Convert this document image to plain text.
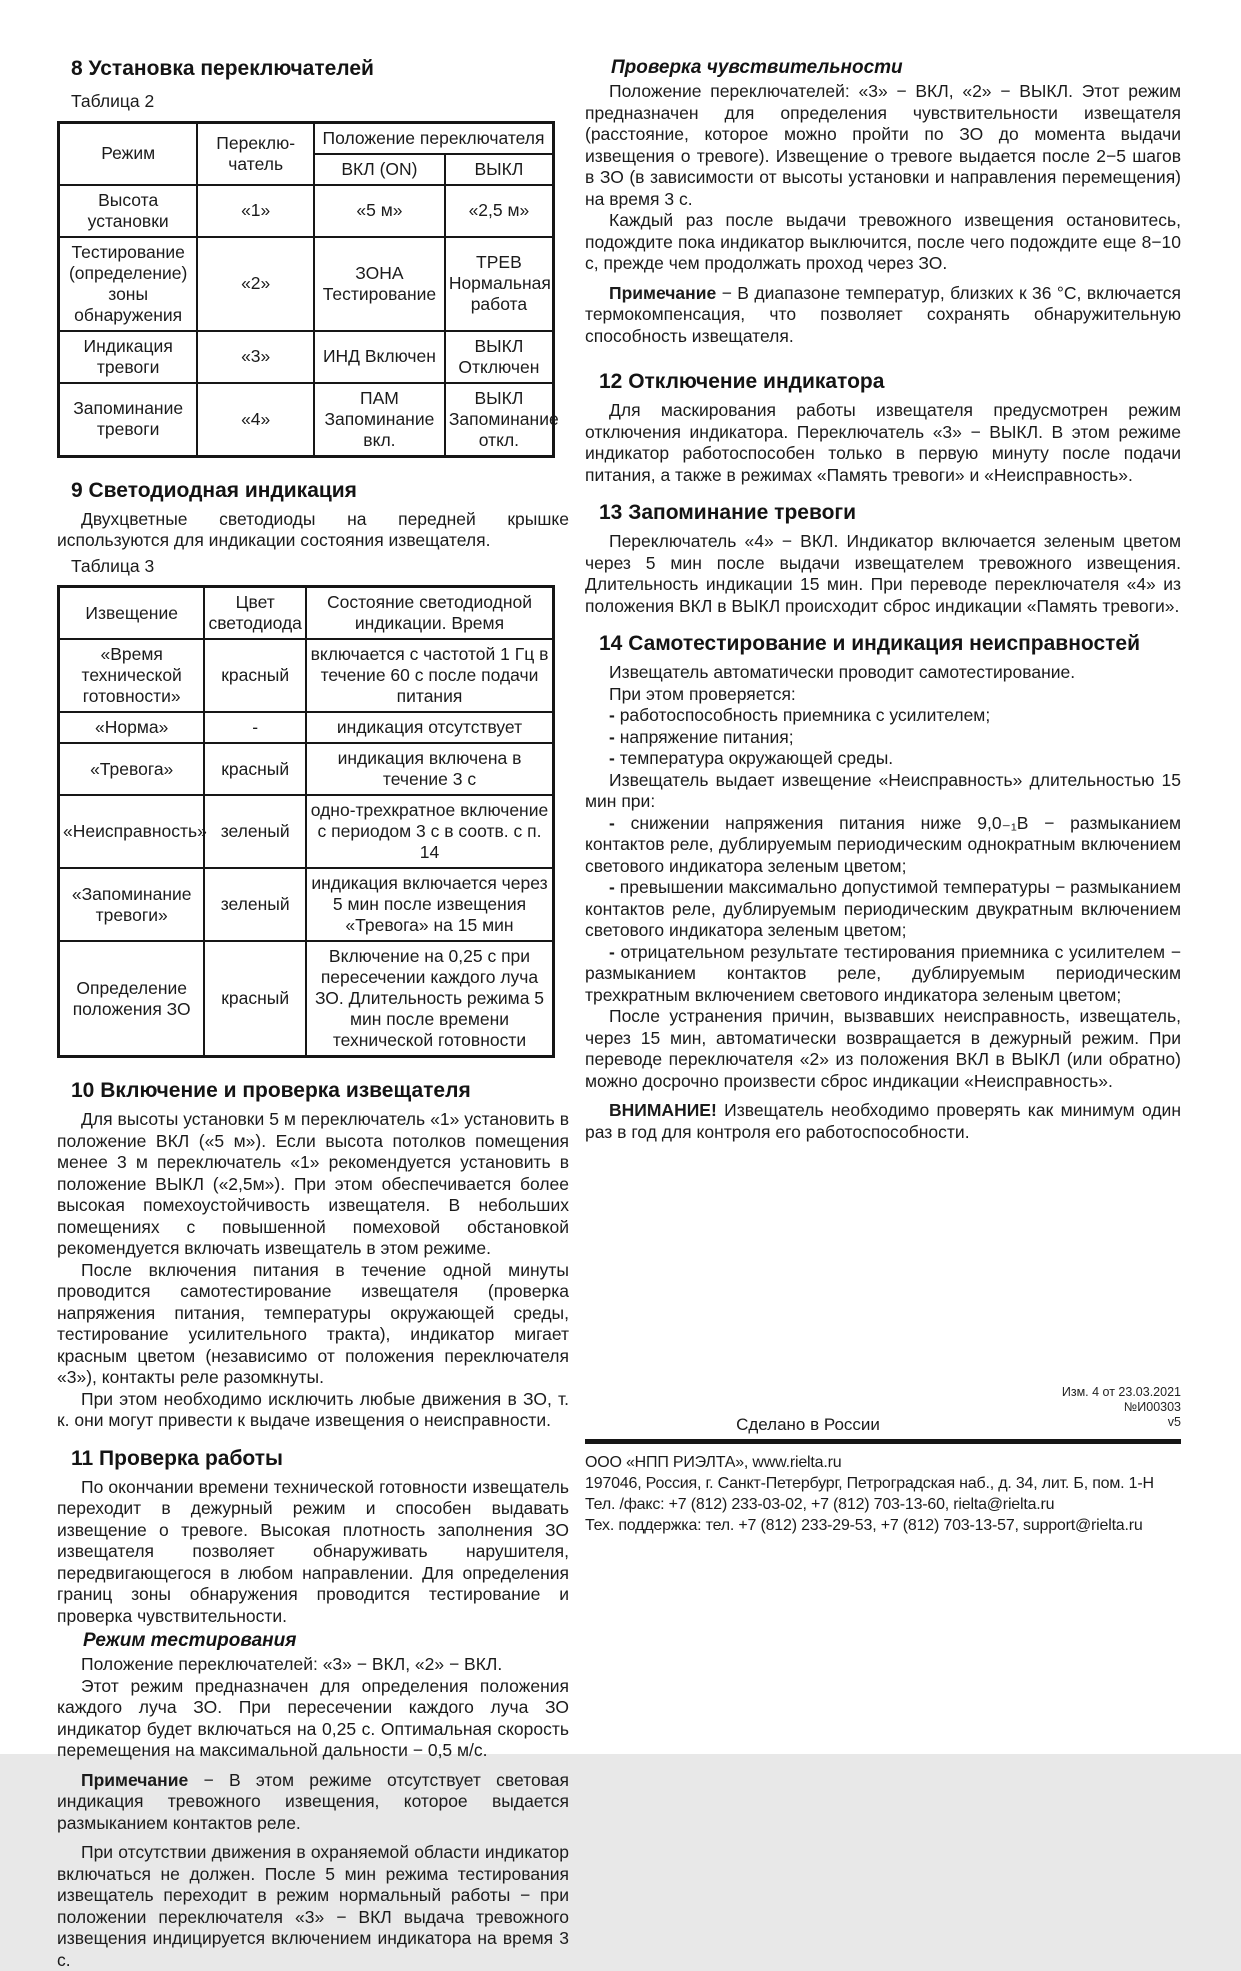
8 Установка переключателей
Таблица 2
Режим	Переклю-чатель	Положение переключателя	
		ВКЛ (ON)	ВЫКЛ
Высота установки	«1»	«5 м»	«2,5 м»
Тестирование (определение) зоны обнаружения	«2»	ЗОНА Тестирование	ТРЕВ Нормальная работа
Индикация тревоги	«3»	ИНД Включен	ВЫКЛ Отключен
Запоминание тревоги	«4»	ПАМ Запоминание вкл.	ВЫКЛ Запоминание откл.
9 Светодиодная индикация

Двухцветные светодиоды на передней крышке используются для индикации состояния извещателя.

Таблица 3
Извещение	Цвет светодиода	Состояние светодиодной индикации. Время
«Время технической готовности»	красный	включается с частотой 1 Гц в течение 60 с после подачи питания
«Норма»	-	индикация отсутствует
«Тревога»	красный	индикация включена в течение 3 с
«Неисправность»	зеленый	одно-трехкратное включение с периодом 3 с в соотв. с п. 14
«Запоминание тревоги»	зеленый	индикация включается через 5 мин после извещения «Тревога» на 15 мин
Определение положения ЗО	красный	Включение на 0,25 с при пересечении каждого луча ЗО. Длительность режима 5 мин после времени технической готовности
10 Включение и проверка извещателя

Для высоты установки 5 м переключатель «1» установить в положение ВКЛ («5 м»). Если высота потолков помещения менее 3 м переключатель «1» рекомендуется установить в положение ВЫКЛ («2,5м»). При этом обеспечивается более высокая помехоустойчивость извещателя. В небольших помещениях с повышенной помеховой обстановкой рекомендуется включать извещатель в этом режиме.

После включения питания в течение одной минуты проводится самотестирование извещателя (проверка напряжения питания, температуры окружающей среды, тестирование усилительного тракта), индикатор мигает красным цветом (независимо от положения переключателя «3»), контакты реле разомкнуты.

При этом необходимо исключить любые движения в ЗО, т. к. они могут привести к выдаче извещения о неисправности.

11 Проверка работы

По окончании времени технической готовности извещатель переходит в дежурный режим и способен выдавать извещение о тревоге. Высокая плотность заполнения ЗО извещателя позволяет обнаруживать нарушителя, передвигающегося в любом направлении. Для определения границ зоны обнаружения проводится тестирование и проверка чувствительности.

Режим тестирования

Положение переключателей: «3» − ВКЛ, «2» − ВКЛ.

Этот режим предназначен для определения положения каждого луча ЗО. При пересечении каждого луча ЗО индикатор будет включаться на 0,25 с. Оптимальная скорость перемещения на максимальной дальности − 0,5 м/с.

Примечание − В этом режиме отсутствует световая индикация тревожного извещения, которое выдается размыканием контактов реле.

При отсутствии движения в охраняемой области индикатор включаться не должен. После 5 мин режима тестирования извещатель переходит в режим нормальный работы − при положении переключателя «3» − ВКЛ выдача тревожного извещения индицируется включением индикатора на время 3 с.

Проверка чувствительности

Положение переключателей: «3» − ВКЛ, «2» − ВЫКЛ. Этот режим предназначен для определения чувствительности извещателя (расстояние, которое можно пройти по ЗО до момента выдачи извещения о тревоге). Извещение о тревоге выдается после 2−5 шагов в ЗО (в зависимости от высоты установки и направления перемещения) на время 3 с.

Каждый раз после выдачи тревожного извещения остановитесь, подождите пока индикатор выключится, после чего подождите еще 8−10 с, прежде чем продолжать проход через ЗО.

Примечание − В диапазоне температур, близких к 36 °С, включается термокомпенсация, что позволяет сохранять обнаружительную способность извещателя.

12 Отключение индикатора

Для маскирования работы извещателя предусмотрен режим отключения индикатора. Переключатель «3» − ВЫКЛ. В этом режиме индикатор работоспособен только в первую минуту после подачи питания, а также в режимах «Память тревоги» и «Неисправность».

13 Запоминание тревоги

Переключатель «4» − ВКЛ. Индикатор включается зеленым цветом через 5 мин после выдачи извещателем тревожного извещения. Длительность индикации 15 мин. При переводе переключателя «4» из положения ВКЛ в ВЫКЛ происходит сброс индикации «Память тревоги».

14 Самотестирование и индикация неисправностей

Извещатель автоматически проводит самотестирование.

При этом проверяется:

- работоспособность приемника с усилителем;

- напряжение питания;

- температура окружающей среды.

Извещатель выдает извещение «Неисправность» длительностью 15 мин при:

- снижении напряжения питания ниже 9,0₋₁В − размыканием контактов реле, дублируемым периодическим однократным включением светового индикатора зеленым цветом;

- превышении максимально допустимой температуры − размыканием контактов реле, дублируемым периодическим двукратным включением светового индикатора зеленым цветом;

- отрицательном результате тестирования приемника с усилителем − размыканием контактов реле, дублируемым периодическим трехкратным включением светового индикатора зеленым цветом;

После устранения причин, вызвавших неисправность, извещатель, через 15 мин, автоматически возвращается в дежурный режим. При переводе переключателя «2» из положения ВКЛ в ВЫКЛ (или обратно) можно досрочно произвести сброс индикации «Неисправность».

ВНИМАНИЕ! Извещатель необходимо проверять как минимум один раз в год для контроля его работоспособности.

Изм. 4 от 23.03.2021
№И00303
v5
Сделано в России
ООО «НПП РИЭЛТА», www.rielta.ru
197046, Россия, г. Санкт-Петербург, Петроградская наб., д. 34, лит. Б, пом. 1-Н
Тел. /факс: +7 (812) 233-03-02, +7 (812) 703-13-60, rielta@rielta.ru
Тех. поддержка: тел. +7 (812) 233-29-53, +7 (812) 703-13-57, support@rielta.ru
